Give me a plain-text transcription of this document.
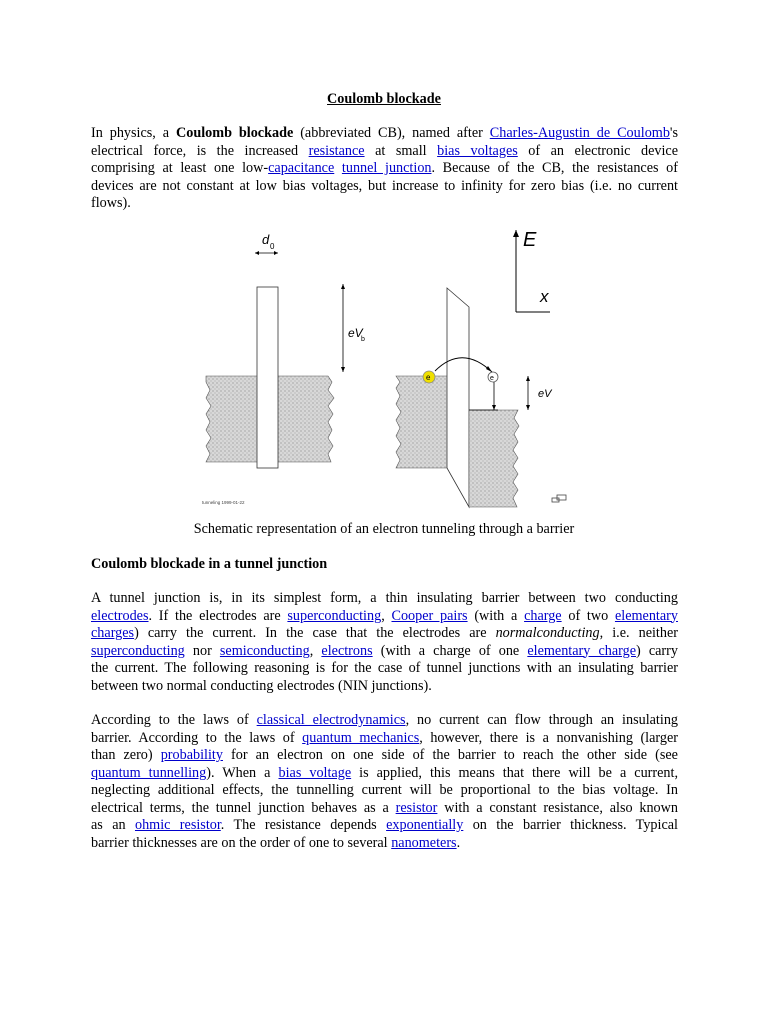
Coulomb blockade
In physics, a Coulomb blockade (abbreviated CB), named after Charles-Augustin de Coulomb's
electrical force, is the increased resistance at small bias voltages of an electronic device
comprising at least one low-capacitance tunnel junction. Because of the CB, the resistances of
devices are not constant at low bias voltages, but increase to infinity for zero bias (i.e. no current
flows).
d 0
eV
b
e	e
eV
E
x
tunneling 1999-01-22
Schematic representation of an electron tunneling through a barrier
Coulomb blockade in a tunnel junction
A tunnel junction is, in its simplest form, a thin insulating barrier between two conducting
electrodes. If the electrodes are superconducting, Cooper pairs (with a charge of two elementary
charges) carry the current. In the case that the electrodes are normalconducting, i.e. neither
superconducting nor semiconducting, electrons (with a charge of one elementary charge) carry
the current. The following reasoning is for the case of tunnel junctions with an insulating barrier
between two normal conducting electrodes (NIN junctions).
According to the laws of classical electrodynamics, no current can flow through an insulating
barrier. According to the laws of quantum mechanics, however, there is a nonvanishing (larger
than zero) probability for an electron on one side of the barrier to reach the other side (see
quantum tunnelling). When a bias voltage is applied, this means that there will be a current,
neglecting additional effects, the tunnelling current will be proportional to the bias voltage. In
electrical terms, the tunnel junction behaves as a resistor with a constant resistance, also known
as an ohmic resistor. The resistance depends exponentially on the barrier thickness. Typical
barrier thicknesses are on the order of one to several nanometers.
